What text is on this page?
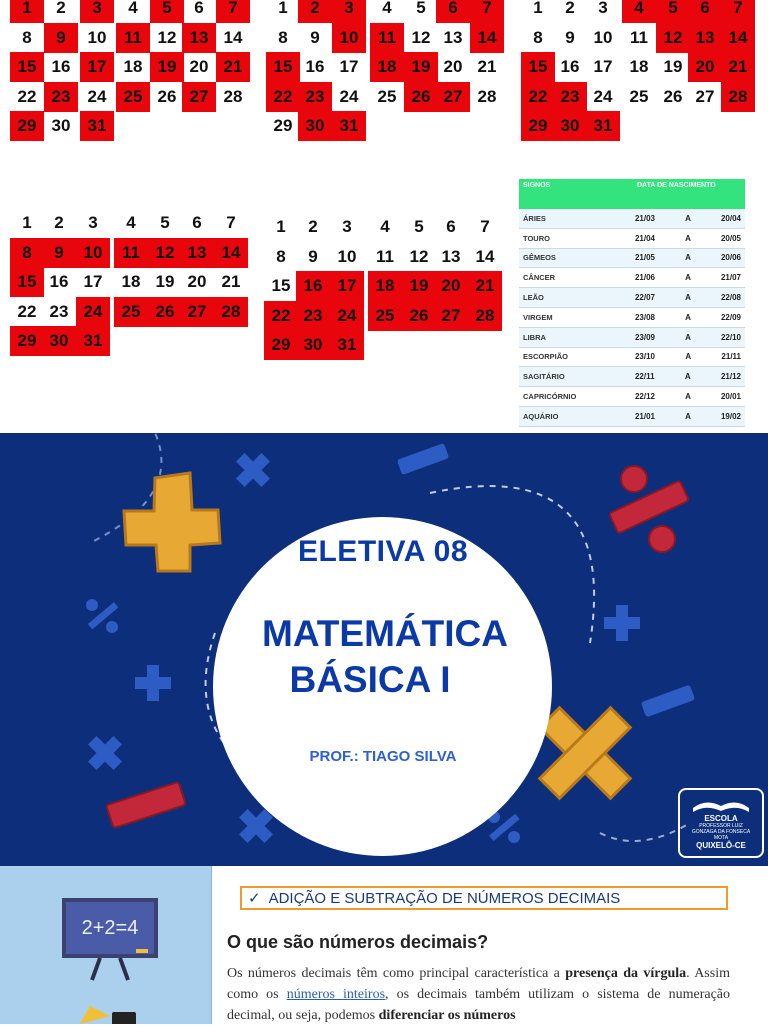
1	2	3	4	5	6	7
8	9	10	11 12 13 14
15 16	17	18 19 20 21
22 23	24	25 26 27 28
29 30	31
1	2	3	4	5	6	7
8	9	10	11 12 13 14
15 16 17	18 19 20 21
22 23 24	25 26 27 28
29 30 31
1	2	3	4	5	6	7
8	9	10	11 12 13 14
15 16 17	18 19 20 21
22 23 24	25 26 27 28
29 30 31
1	2	3	4	5	6	7
8	9	10	11 12 13 14
15 16 17	18 19 20 21
22 23 24	25 26 27 28
29 30 31
1	2	3	4	5	6	7
8	9	10	11 12 13 14
15 16 17	18 19 20 21
22 23 24	25 26 27 28
29 30 31
SIGNOS	DATA DE NASCIMENTO
ÁRIES	21/03	A	20/04
TOURO	21/04	A	20/05
GÊMEOS	21/05	A	20/06
CÂNCER	21/06	A	21/07
LEÃO	22/07	A	22/08
VIRGEM	23/08	A	22/09
LIBRA	23/09	A	22/10
ESCORPIÃO	23/10	A	21/11
SAGITÁRIO	22/11	A	21/12
CAPRICÓRNIO	22/12	A	20/01
AQUÁRIO	21/01	A	19/02
ELETIVA 08
MATEMÁTICA
BÁSICA I
PROF.: TIAGO SILVA
ESCOLA
PROFESSOR LUIZ GONZAGA DA FONSECA MOTA
QUIXELÔ-CE
2+2=4
✓ ADIÇÃO E SUBTRAÇÃO DE NÚMEROS DECIMAIS
O que são números decimais?
Os números decimais têm como principal característica a presença da vírgula. Assim como os números inteiros, os decimais também utilizam o sistema de numeração decimal, ou seja, podemos diferenciar os números
